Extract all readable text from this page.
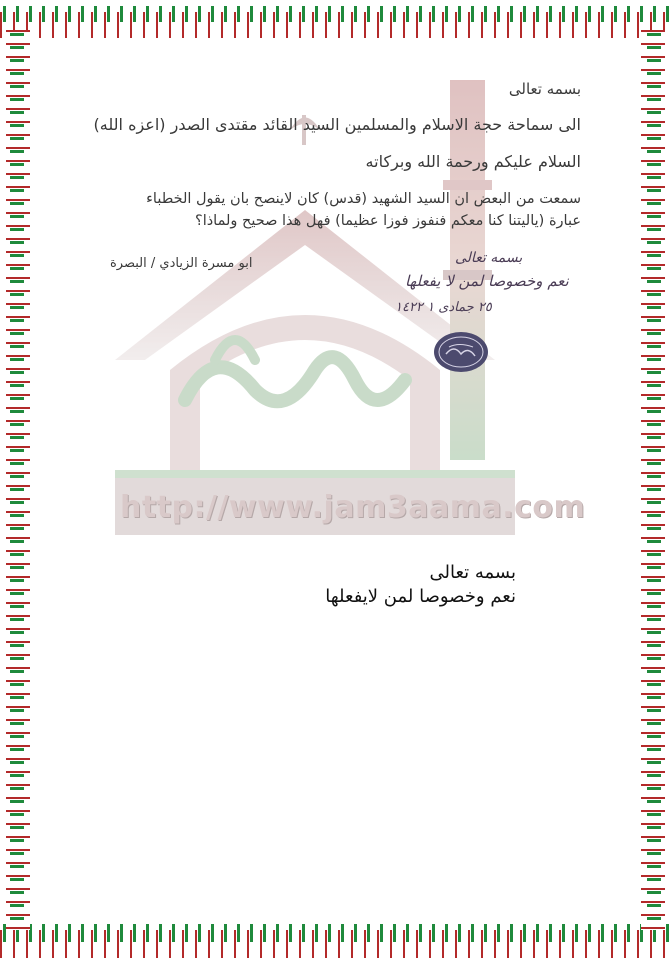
http://www.jam3aama.com
بسمه تعالى
الى سماحة حجة الاسلام والمسلمين السيد القائد مقتدى الصدر (اعزه الله)
السلام عليكم ورحمة الله وبركاته
سمعت من البعض ان السيد الشهيد (قدس) كان لاينصح بان يقول الخطباء عبارة (ياليتنا كنا معكم فنفوز فوزا عظيما) فهل هذا صحيح ولماذا؟
ابو مسرة الزيادي / البصرة	بسمه تعالى
نعم وخصوصا لمن لا يفعلها
٢٥ جمادى ١ ١٤٢٢
بسمه تعالى
نعم وخصوصا لمن لايفعلها
